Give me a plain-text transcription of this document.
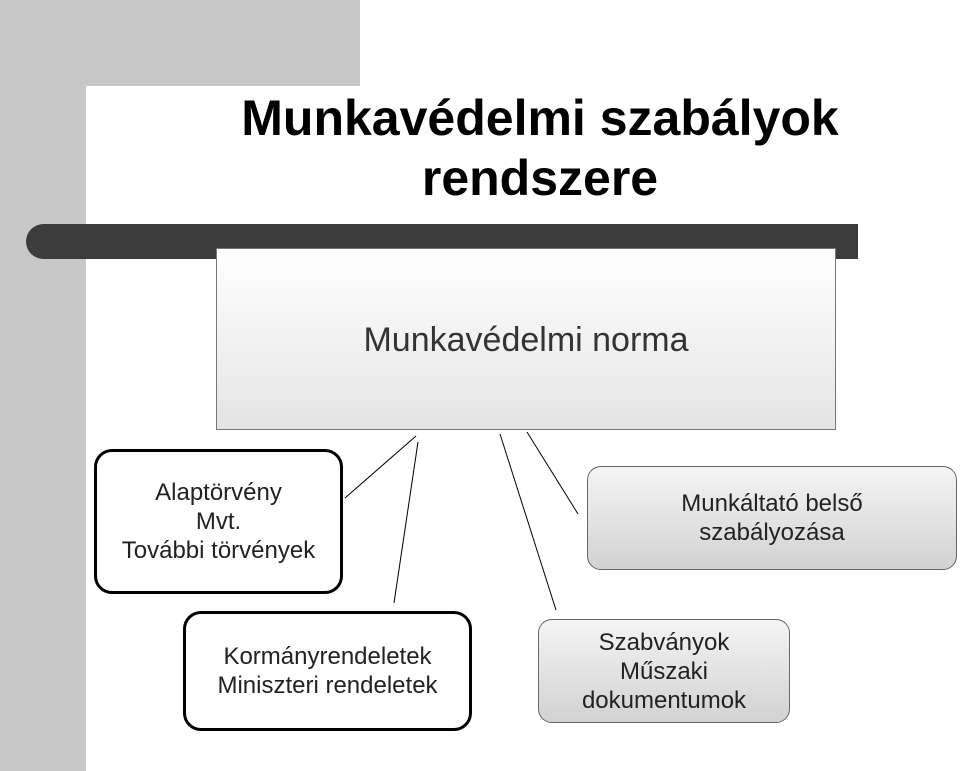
Munkavédelmi szabályok
rendszere
Munkavédelmi norma
Alaptörvény
Mvt.
További törvények
Munkáltató belső
szabályozása
Kormányrendeletek
Miniszteri rendeletek
Szabványok
Műszaki
dokumentumok
